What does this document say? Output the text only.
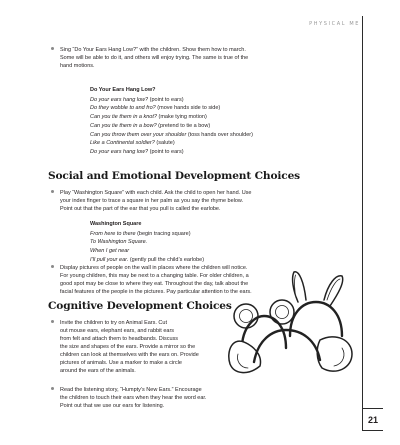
PHYSICAL ME
21

Sing “Do Your Ears Hang Low?” with the children. Show them how to march.

Some will be able to do it, and others will enjoy trying. The same is true of the

hand motions.

Do Your Ears Hang Low?

Do your ears hang low? (point to ears)

Do they wobble to and fro? (move hands side to side)

Can you tie them in a knot? (make tying motion)

Can you tie them in a bow? (pretend to tie a bow)

Can you throw them over your shoulder (toss hands over shoulder)

Like a Continental soldier? (salute)

Do your ears hang low? (point to ears)

Social and Emotional Development Choices

Play “Washington Square” with each child. Ask the child to open her hand. Use

your index finger to trace a square in her palm as you say the rhyme below.

Point out that the part of the ear that you pull is called the earlobe.

Washington Square

From here to there (begin tracing square)

To Washington Square.

When I get near

I’ll pull your ear. (gently pull the child’s earlobe)

Display pictures of people on the wall in places where the children will notice.

For young children, this may be next to a changing table. For older children, a

good spot may be close to where they eat. Throughout the day, talk about the

facial features of the people in the pictures. Pay particular attention to the ears.

Cognitive Development Choices

Invite the children to try on Animal Ears. Cut

out mouse ears, elephant ears, and rabbit ears

from felt and attach them to headbands. Discuss

the size and shapes of the ears. Provide a mirror so the

children can look at themselves with the ears on. Provide

pictures of animals. Use a marker to make a circle

around the ears of the animals.

Read the listening story, “Humpty’s New Ears.” Encourage

the children to touch their ears when they hear the word ear.

Point out that we use our ears for listening.
